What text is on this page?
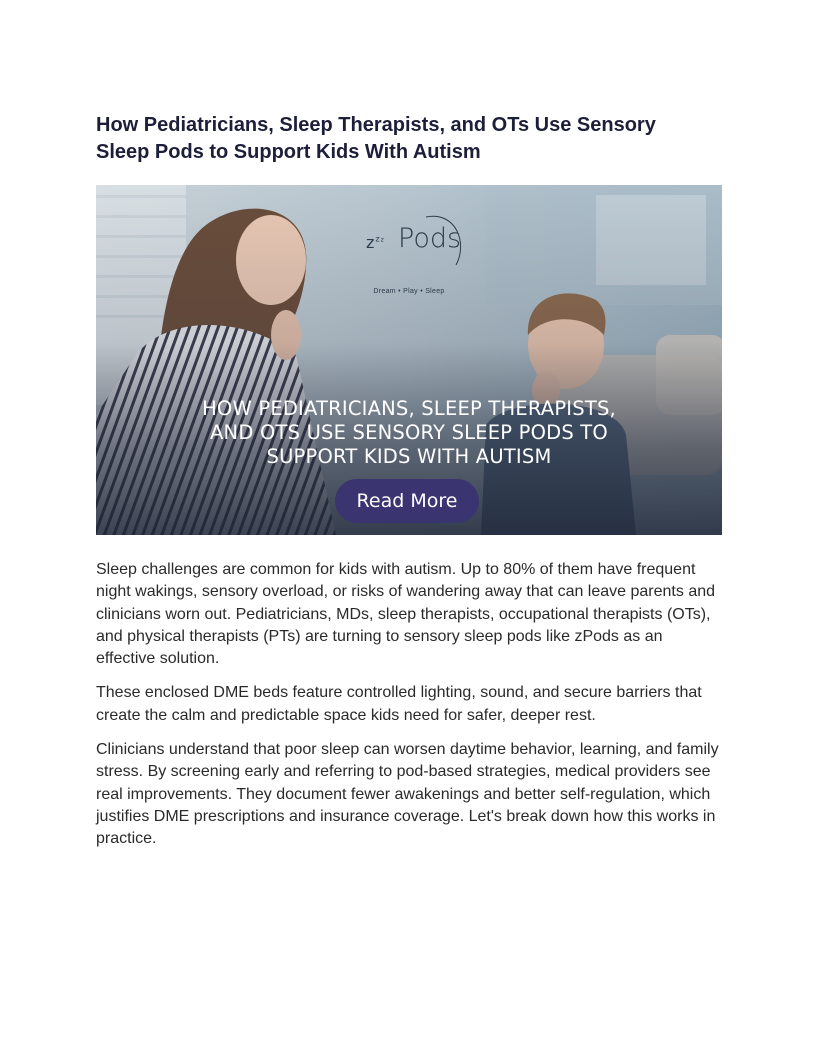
How Pediatricians, Sleep Therapists, and OTs Use Sensory
Sleep Pods to Support Kids With Autism
$z^{zz}$ Pods
Dream • Play • Sleep
HOW PEDIATRICIANS, SLEEP THERAPISTS,
AND OTS USE SENSORY SLEEP PODS TO
SUPPORT KIDS WITH AUTISM
Read More

Sleep challenges are common for kids with autism. Up to 80% of them have frequent night wakings, sensory overload, or risks of wandering away that can leave parents and clinicians worn out. Pediatricians, MDs, sleep therapists, occupational therapists (OTs), and physical therapists (PTs) are turning to sensory sleep pods like zPods as an effective solution.

These enclosed DME beds feature controlled lighting, sound, and secure barriers that create the calm and predictable space kids need for safer, deeper rest.

Clinicians understand that poor sleep can worsen daytime behavior, learning, and family stress. By screening early and referring to pod-based strategies, medical providers see real improvements. They document fewer awakenings and better self-regulation, which justifies DME prescriptions and insurance coverage. Let's break down how this works in practice.
